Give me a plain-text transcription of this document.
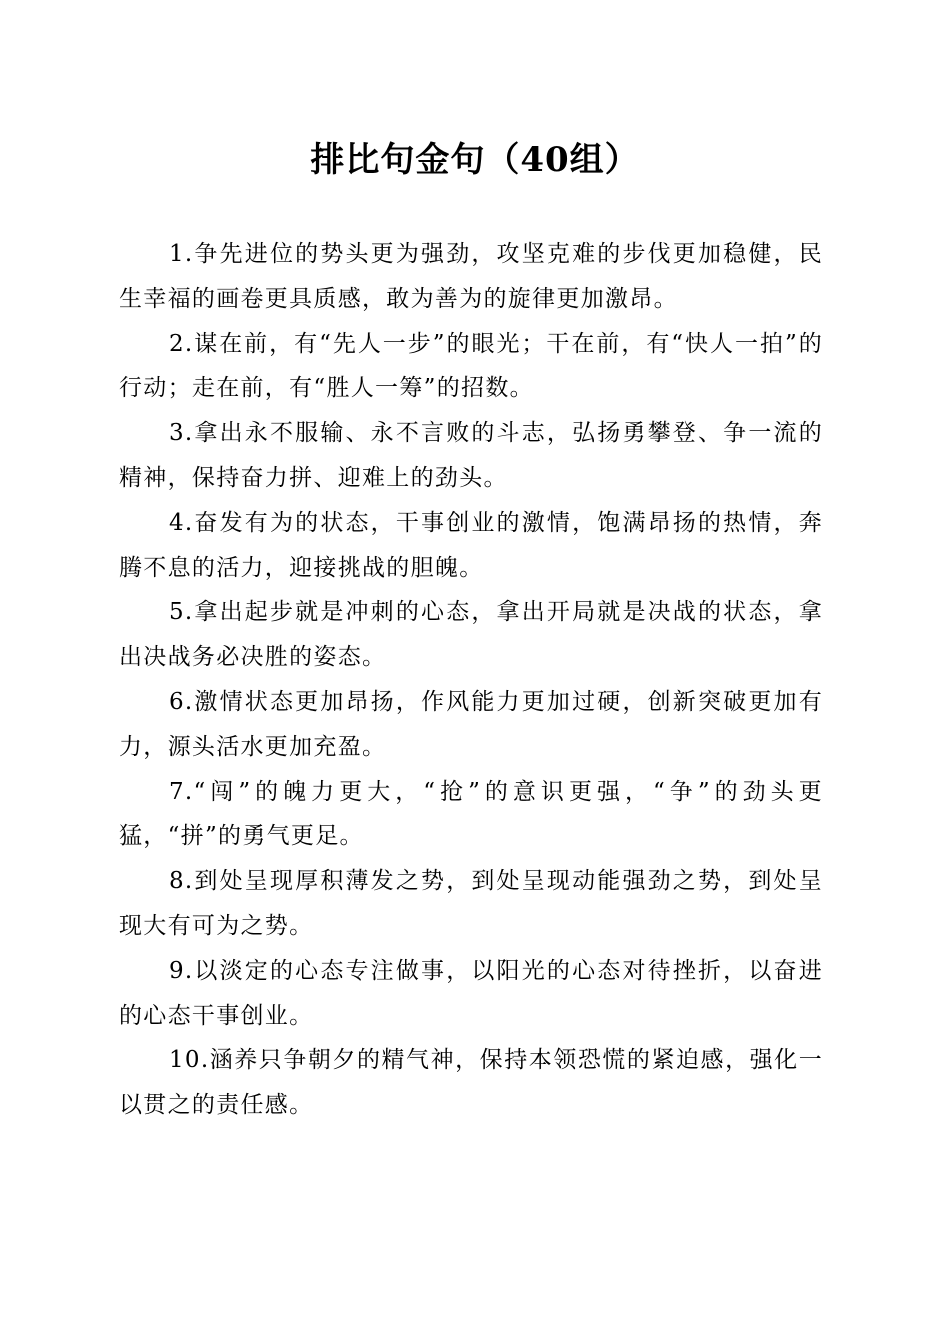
排比句金句（40组）

1.争先进位的势头更为强劲，攻坚克难的步伐更加稳健，民生幸福的画卷更具质感，敢为善为的旋律更加激昂。

2.谋在前，有“先人一步”的眼光；干在前，有“快人一拍”的行动；走在前，有“胜人一筹”的招数。

3.拿出永不服输、永不言败的斗志，弘扬勇攀登、争一流的精神，保持奋力拼、迎难上的劲头。

4.奋发有为的状态，干事创业的激情，饱满昂扬的热情，奔腾不息的活力，迎接挑战的胆魄。

5.拿出起步就是冲刺的心态，拿出开局就是决战的状态，拿出决战务必决胜的姿态。

6.激情状态更加昂扬，作风能力更加过硬，创新突破更加有力，源头活水更加充盈。

7.“闯”的魄力更大，“抢”的意识更强，“争”的劲头更猛，“拼”的勇气更足。

8.到处呈现厚积薄发之势，到处呈现动能强劲之势，到处呈现大有可为之势。

9.以淡定的心态专注做事，以阳光的心态对待挫折，以奋进的心态干事创业。

10.涵养只争朝夕的精气神，保持本领恐慌的紧迫感，强化一以贯之的责任感。
